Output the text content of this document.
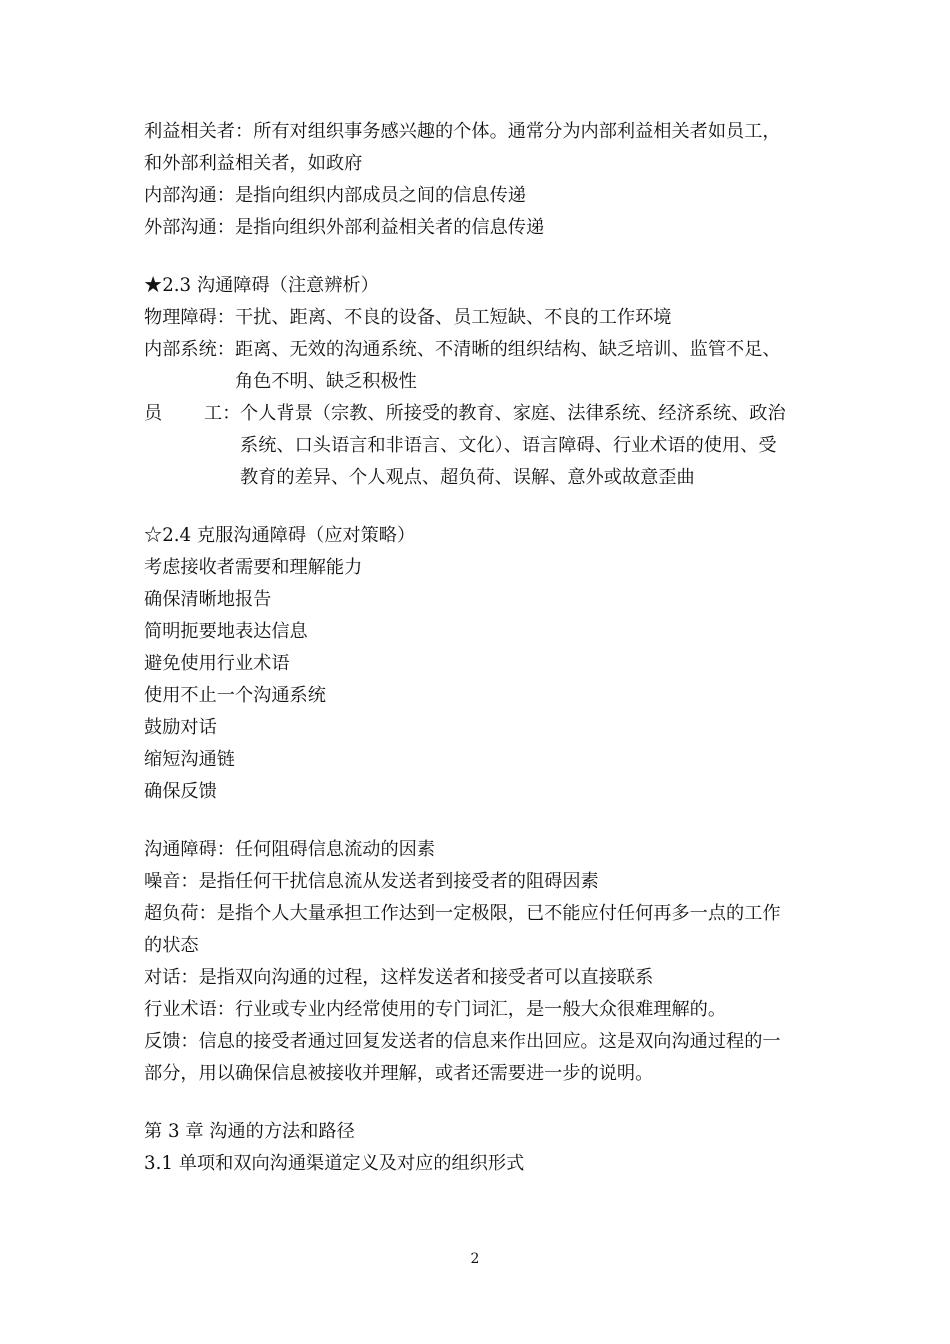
利益相关者：所有对组织事务感兴趣的个体。通常分为内部利益相关者如员工，
和外部利益相关者，如政府
内部沟通：是指向组织内部成员之间的信息传递
外部沟通：是指向组织外部利益相关者的信息传递
★2.3 沟通障碍（注意辨析）
物理障碍：干扰、距离、不良的设备、员工短缺、不良的工作环境
内部系统： 距离、无效的沟通系统、不清晰的组织结构、缺乏培训、监管不足、
角色不明、缺乏积极性
员 工： 个人背景（宗教、所接受的教育、家庭、法律系统、经济系统、政治
系统、口头语言和非语言、文化）、语言障碍、行业术语的使用、受
教育的差异、个人观点、超负荷、误解、意外或故意歪曲
☆2.4 克服沟通障碍（应对策略）
考虑接收者需要和理解能力
确保清晰地报告
简明扼要地表达信息
避免使用行业术语
使用不止一个沟通系统
鼓励对话
缩短沟通链
确保反馈
沟通障碍：任何阻碍信息流动的因素
噪音：是指任何干扰信息流从发送者到接受者的阻碍因素
超负荷：是指个人大量承担工作达到一定极限，已不能应付任何再多一点的工作
的状态
对话：是指双向沟通的过程，这样发送者和接受者可以直接联系
行业术语：行业或专业内经常使用的专门词汇，是一般大众很难理解的。
反馈：信息的接受者通过回复发送者的信息来作出回应。这是双向沟通过程的一
部分，用以确保信息被接收并理解，或者还需要进一步的说明。
第 3 章 沟通的方法和路径
3.1 单项和双向沟通渠道定义及对应的组织形式
2
